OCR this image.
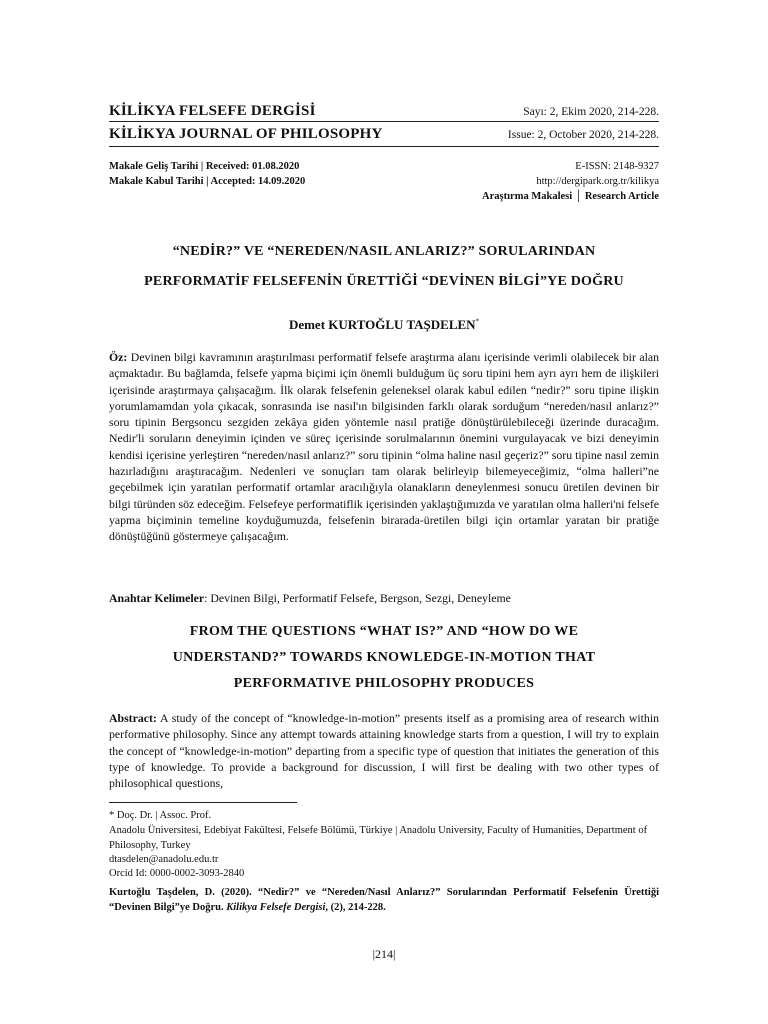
KİLİKYA FELSEFE DERGİSİ	Sayı: 2, Ekim 2020, 214-228.
KİLİKYA JOURNAL OF PHILOSOPHY	Issue: 2, October 2020, 214-228.
Makale Geliş Tarihi | Received: 01.08.2020	E-ISSN: 2148-9327
Makale Kabul Tarihi | Accepted: 14.09.2020	http://dergipark.org.tr/kilikya
Araştırma Makalesi │ Research Article
“NEDİR?” VE “NEREDEN/NASIL ANLARIZ?” SORULARINDAN
PERFORMATİF FELSEFENİN ÜRETTİĞİ “DEVİNEN BİLGİ”YE DOĞRU
Demet KURTOĞLU TAŞDELEN*
Öz: Devinen bilgi kavramının araştırılması performatif felsefe araştırma alanı içerisinde verimli olabilecek bir alan açmaktadır. Bu bağlamda, felsefe yapma biçimi için önemli bulduğum üç soru tipini hem ayrı ayrı hem de ilişkileri içerisinde araştırmaya çalışacağım. İlk olarak felsefenin geleneksel olarak kabul edilen “nedir?” soru tipine ilişkin yorumlamamdan yola çıkacak, sonrasında ise nasıl'ın bilgisinden farklı olarak sorduğum “nereden/nasıl anlarız?” soru tipinin Bergsoncu sezgiden zekâya giden yöntemle nasıl pratiğe dönüştürülebileceği üzerinde duracağım. Nedir'li soruların deneyimin içinden ve süreç içerisinde sorulmalarının önemini vurgulayacak ve bizi deneyimin kendisi içerisine yerleştiren “nereden/nasıl anlarız?” soru tipinin “olma haline nasıl geçeriz?” soru tipine nasıl zemin hazırladığını araştıracağım. Nedenleri ve sonuçları tam olarak belirleyip bilemeyeceğimiz, “olma halleri”ne geçebilmek için yaratılan performatif ortamlar aracılığıyla olanakların deneylenmesi sonucu üretilen devinen bir bilgi türünden söz edeceğim. Felsefeye performatiflik içerisinden yaklaştığımızda ve yaratılan olma halleri'ni felsefe yapma biçiminin temeline koyduğumuzda, felsefenin birarada-üretilen bilgi için ortamlar yaratan bir pratiğe dönüştüğünü göstermeye çalışacağım.
Anahtar Kelimeler: Devinen Bilgi, Performatif Felsefe, Bergson, Sezgi, Deneyleme
FROM THE QUESTIONS “WHAT IS?” AND “HOW DO WE
UNDERSTAND?” TOWARDS KNOWLEDGE-IN-MOTION THAT
PERFORMATIVE PHILOSOPHY PRODUCES
Abstract: A study of the concept of “knowledge-in-motion” presents itself as a promising area of research within performative philosophy. Since any attempt towards attaining knowledge starts from a question, I will try to explain the concept of “knowledge-in-motion” departing from a specific type of question that initiates the generation of this type of knowledge. To provide a background for discussion, I will first be dealing with two other types of philosophical questions,
* Doç. Dr. | Assoc. Prof.
Anadolu Üniversitesi, Edebiyat Fakültesi, Felsefe Bölümü, Türkiye | Anadolu University, Faculty of Humanities, Department of Philosophy, Turkey
dtasdelen@anadolu.edu.tr
Orcid Id: 0000-0002-3093-2840
Kurtoğlu Taşdelen, D. (2020). “Nedir?” ve “Nereden/Nasıl Anlarız?” Sorularından Performatif Felsefenin Ürettiği “Devinen Bilgi”ye Doğru. Kilikya Felsefe Dergisi, (2), 214-228.
|214|
